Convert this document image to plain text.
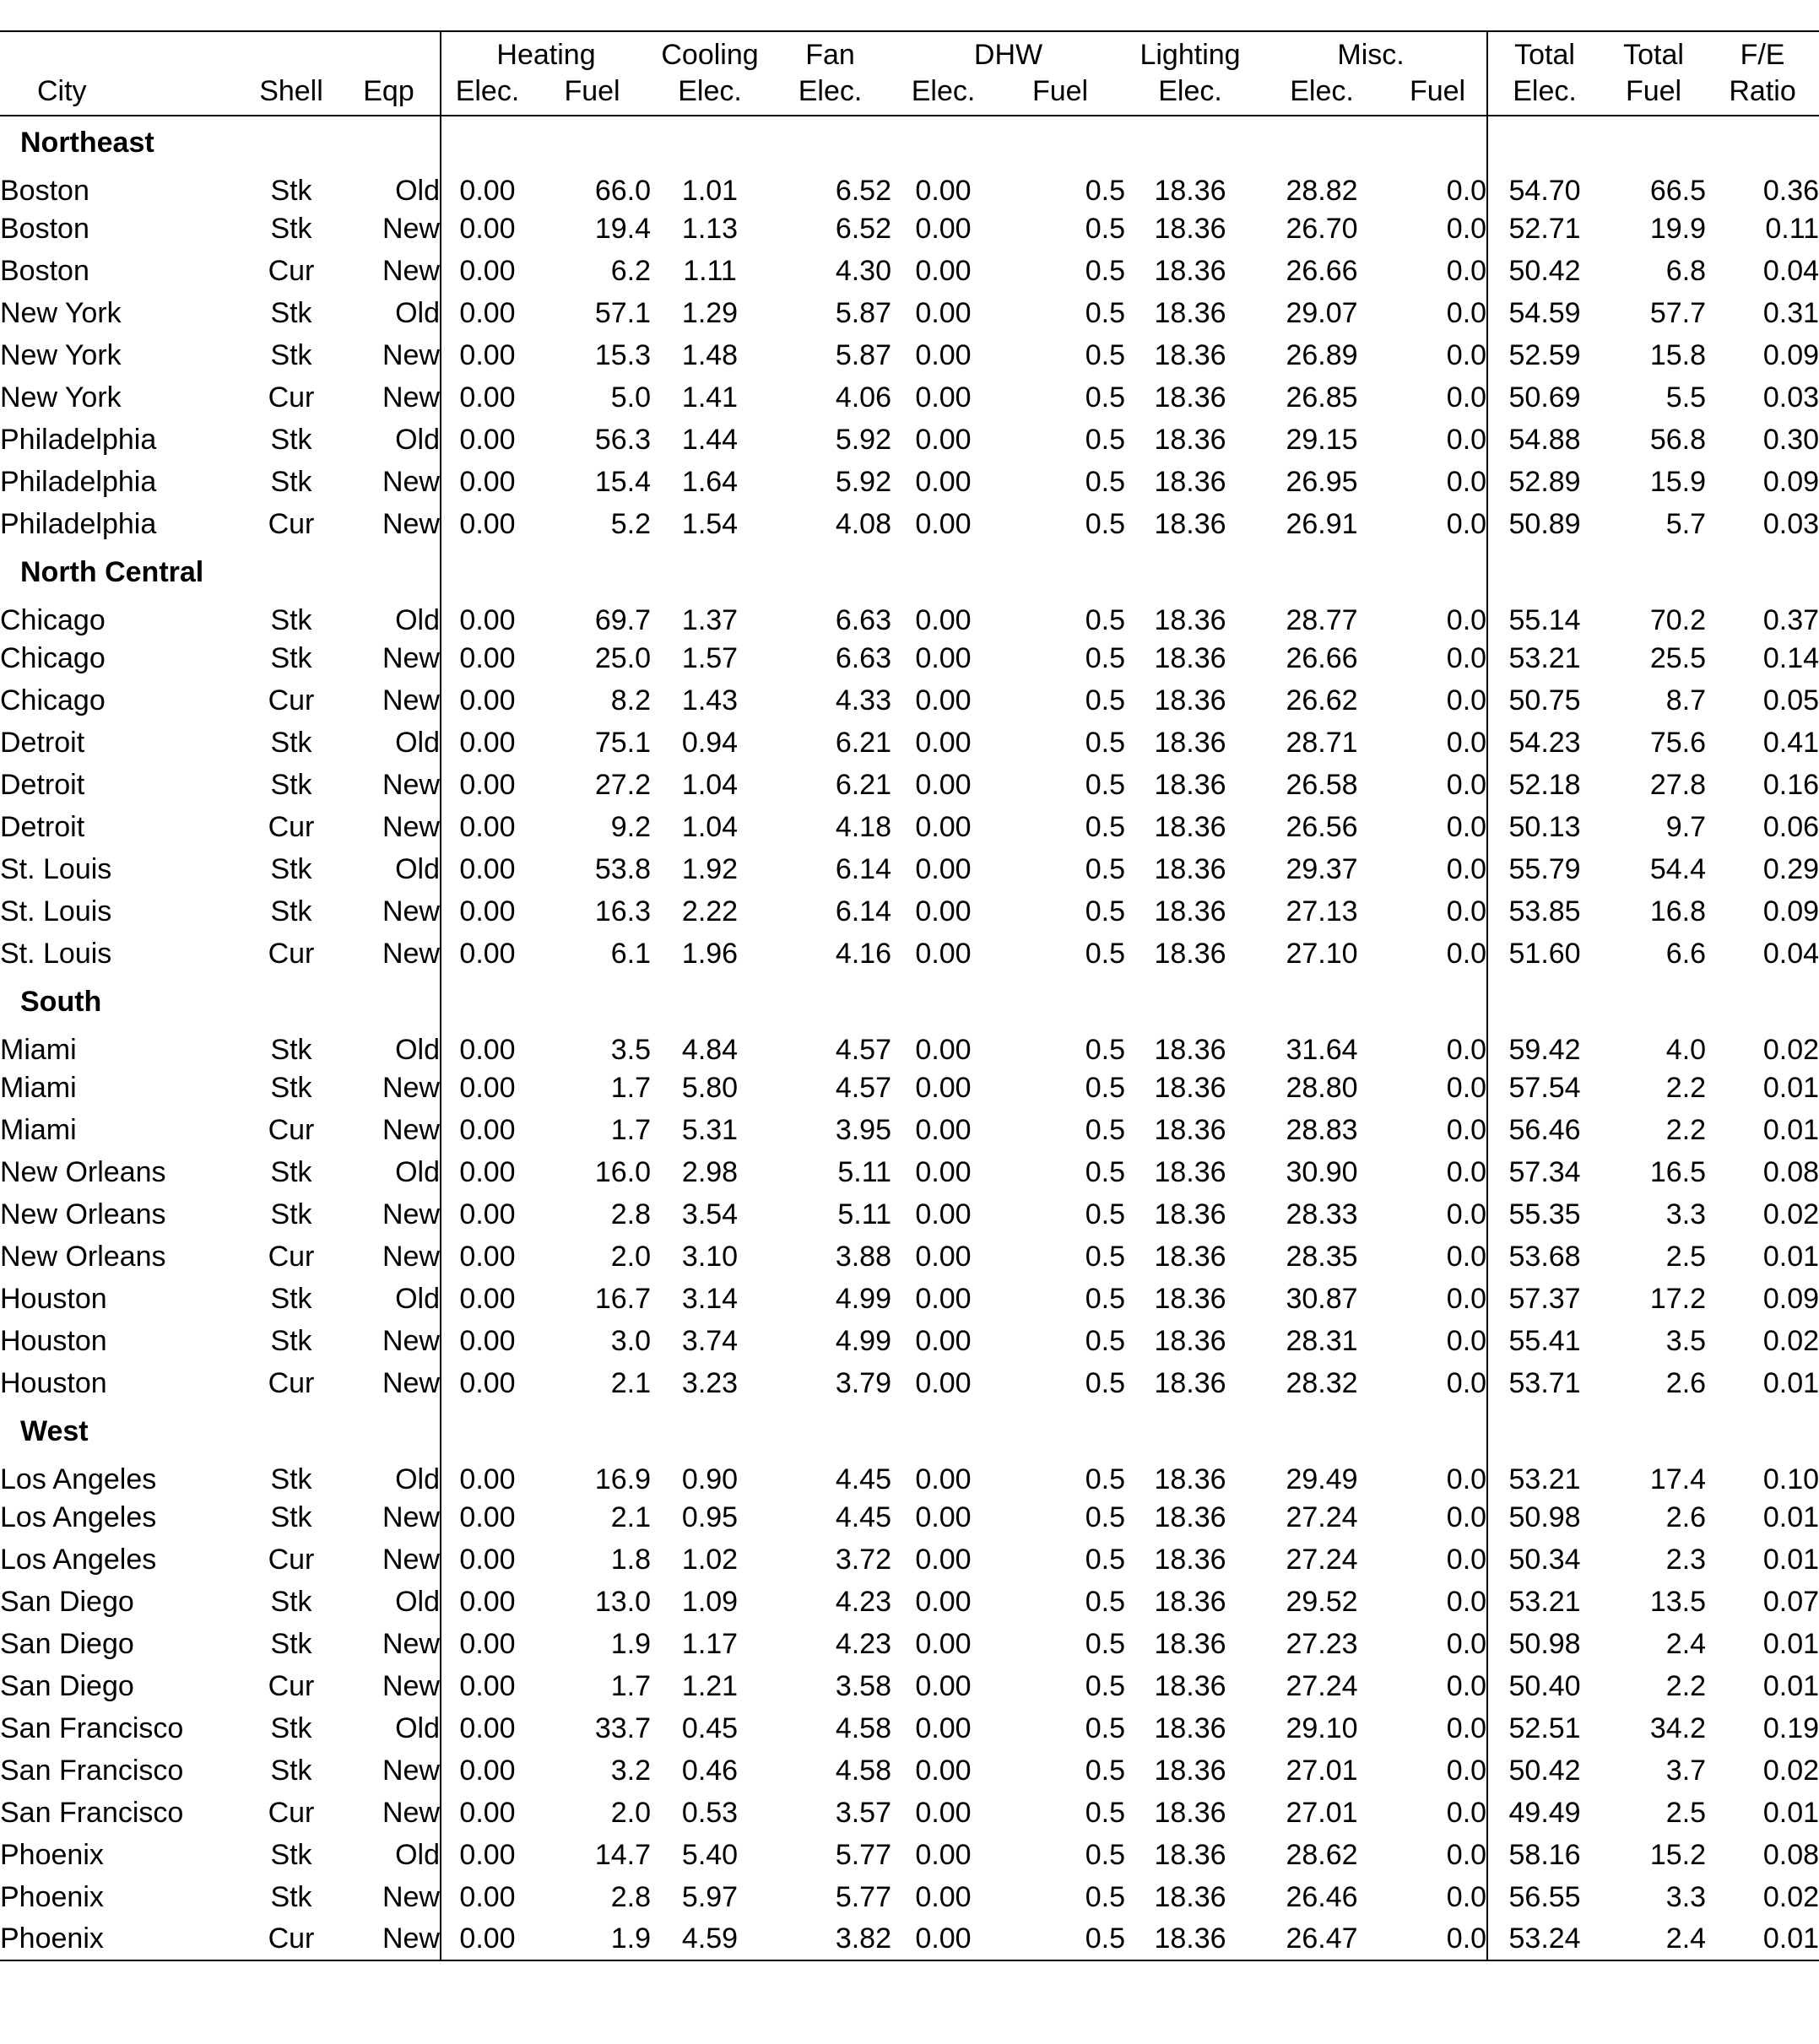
			Heating		Cooling	Fan	DHW		Lighting	Misc.		Total	Total	F/E
City	Shell	Eqp	Elec.	Fuel	Elec.	Elec.	Elec.	Fuel	Elec.	Elec.	Fuel	Elec.	Fuel	Ratio
Northeast														
Boston	Stk	Old	0.00	66.0	1.01	6.52	0.00	0.5	18.36	28.82	0.0	54.70	66.5	0.36
Boston	Stk	New	0.00	19.4	1.13	6.52	0.00	0.5	18.36	26.70	0.0	52.71	19.9	0.11
Boston	Cur	New	0.00	6.2	1.11	4.30	0.00	0.5	18.36	26.66	0.0	50.42	6.8	0.04
New York	Stk	Old	0.00	57.1	1.29	5.87	0.00	0.5	18.36	29.07	0.0	54.59	57.7	0.31
New York	Stk	New	0.00	15.3	1.48	5.87	0.00	0.5	18.36	26.89	0.0	52.59	15.8	0.09
New York	Cur	New	0.00	5.0	1.41	4.06	0.00	0.5	18.36	26.85	0.0	50.69	5.5	0.03
Philadelphia	Stk	Old	0.00	56.3	1.44	5.92	0.00	0.5	18.36	29.15	0.0	54.88	56.8	0.30
Philadelphia	Stk	New	0.00	15.4	1.64	5.92	0.00	0.5	18.36	26.95	0.0	52.89	15.9	0.09
Philadelphia	Cur	New	0.00	5.2	1.54	4.08	0.00	0.5	18.36	26.91	0.0	50.89	5.7	0.03
North Central														
Chicago	Stk	Old	0.00	69.7	1.37	6.63	0.00	0.5	18.36	28.77	0.0	55.14	70.2	0.37
Chicago	Stk	New	0.00	25.0	1.57	6.63	0.00	0.5	18.36	26.66	0.0	53.21	25.5	0.14
Chicago	Cur	New	0.00	8.2	1.43	4.33	0.00	0.5	18.36	26.62	0.0	50.75	8.7	0.05
Detroit	Stk	Old	0.00	75.1	0.94	6.21	0.00	0.5	18.36	28.71	0.0	54.23	75.6	0.41
Detroit	Stk	New	0.00	27.2	1.04	6.21	0.00	0.5	18.36	26.58	0.0	52.18	27.8	0.16
Detroit	Cur	New	0.00	9.2	1.04	4.18	0.00	0.5	18.36	26.56	0.0	50.13	9.7	0.06
St. Louis	Stk	Old	0.00	53.8	1.92	6.14	0.00	0.5	18.36	29.37	0.0	55.79	54.4	0.29
St. Louis	Stk	New	0.00	16.3	2.22	6.14	0.00	0.5	18.36	27.13	0.0	53.85	16.8	0.09
St. Louis	Cur	New	0.00	6.1	1.96	4.16	0.00	0.5	18.36	27.10	0.0	51.60	6.6	0.04
South														
Miami	Stk	Old	0.00	3.5	4.84	4.57	0.00	0.5	18.36	31.64	0.0	59.42	4.0	0.02
Miami	Stk	New	0.00	1.7	5.80	4.57	0.00	0.5	18.36	28.80	0.0	57.54	2.2	0.01
Miami	Cur	New	0.00	1.7	5.31	3.95	0.00	0.5	18.36	28.83	0.0	56.46	2.2	0.01
New Orleans	Stk	Old	0.00	16.0	2.98	5.11	0.00	0.5	18.36	30.90	0.0	57.34	16.5	0.08
New Orleans	Stk	New	0.00	2.8	3.54	5.11	0.00	0.5	18.36	28.33	0.0	55.35	3.3	0.02
New Orleans	Cur	New	0.00	2.0	3.10	3.88	0.00	0.5	18.36	28.35	0.0	53.68	2.5	0.01
Houston	Stk	Old	0.00	16.7	3.14	4.99	0.00	0.5	18.36	30.87	0.0	57.37	17.2	0.09
Houston	Stk	New	0.00	3.0	3.74	4.99	0.00	0.5	18.36	28.31	0.0	55.41	3.5	0.02
Houston	Cur	New	0.00	2.1	3.23	3.79	0.00	0.5	18.36	28.32	0.0	53.71	2.6	0.01
West														
Los Angeles	Stk	Old	0.00	16.9	0.90	4.45	0.00	0.5	18.36	29.49	0.0	53.21	17.4	0.10
Los Angeles	Stk	New	0.00	2.1	0.95	4.45	0.00	0.5	18.36	27.24	0.0	50.98	2.6	0.01
Los Angeles	Cur	New	0.00	1.8	1.02	3.72	0.00	0.5	18.36	27.24	0.0	50.34	2.3	0.01
San Diego	Stk	Old	0.00	13.0	1.09	4.23	0.00	0.5	18.36	29.52	0.0	53.21	13.5	0.07
San Diego	Stk	New	0.00	1.9	1.17	4.23	0.00	0.5	18.36	27.23	0.0	50.98	2.4	0.01
San Diego	Cur	New	0.00	1.7	1.21	3.58	0.00	0.5	18.36	27.24	0.0	50.40	2.2	0.01
San Francisco	Stk	Old	0.00	33.7	0.45	4.58	0.00	0.5	18.36	29.10	0.0	52.51	34.2	0.19
San Francisco	Stk	New	0.00	3.2	0.46	4.58	0.00	0.5	18.36	27.01	0.0	50.42	3.7	0.02
San Francisco	Cur	New	0.00	2.0	0.53	3.57	0.00	0.5	18.36	27.01	0.0	49.49	2.5	0.01
Phoenix	Stk	Old	0.00	14.7	5.40	5.77	0.00	0.5	18.36	28.62	0.0	58.16	15.2	0.08
Phoenix	Stk	New	0.00	2.8	5.97	5.77	0.00	0.5	18.36	26.46	0.0	56.55	3.3	0.02
Phoenix	Cur	New	0.00	1.9	4.59	3.82	0.00	0.5	18.36	26.47	0.0	53.24	2.4	0.01
